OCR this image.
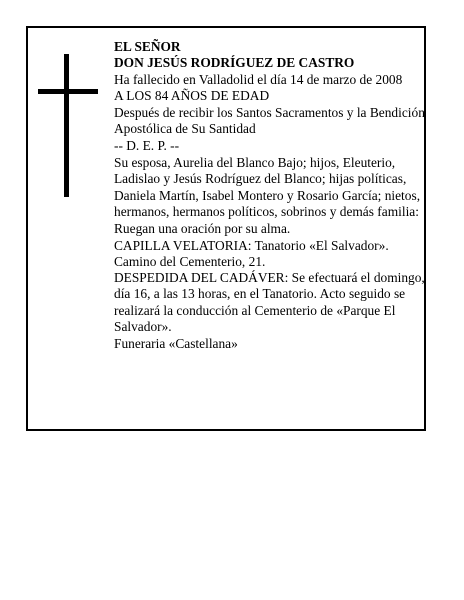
EL SEÑOR

DON JESÚS RODRÍGUEZ DE CASTRO

Ha fallecido en Valladolid el día 14 de marzo de 2008

A LOS 84 AÑOS DE EDAD

Después de recibir los Santos Sacramentos y la Bendición Apostólica de Su Santidad

-- D. E. P. --

Su esposa, Aurelia del Blanco Bajo; hijos, Eleuterio, Ladislao y Jesús Rodríguez del Blanco; hijas políticas, Daniela Martín, Isabel Montero y Rosario García; nietos, hermanos, hermanos políticos, sobrinos y demás familia:

Ruegan una oración por su alma.

CAPILLA VELATORIA: Tanatorio «El Salvador». Camino del Cementerio, 21.

DESPEDIDA DEL CADÁVER: Se efectuará el domingo, día 16, a las 13 horas, en el Tanatorio. Acto seguido se realizará la conducción al Cementerio de «Parque El Salvador».

Funeraria «Castellana»
